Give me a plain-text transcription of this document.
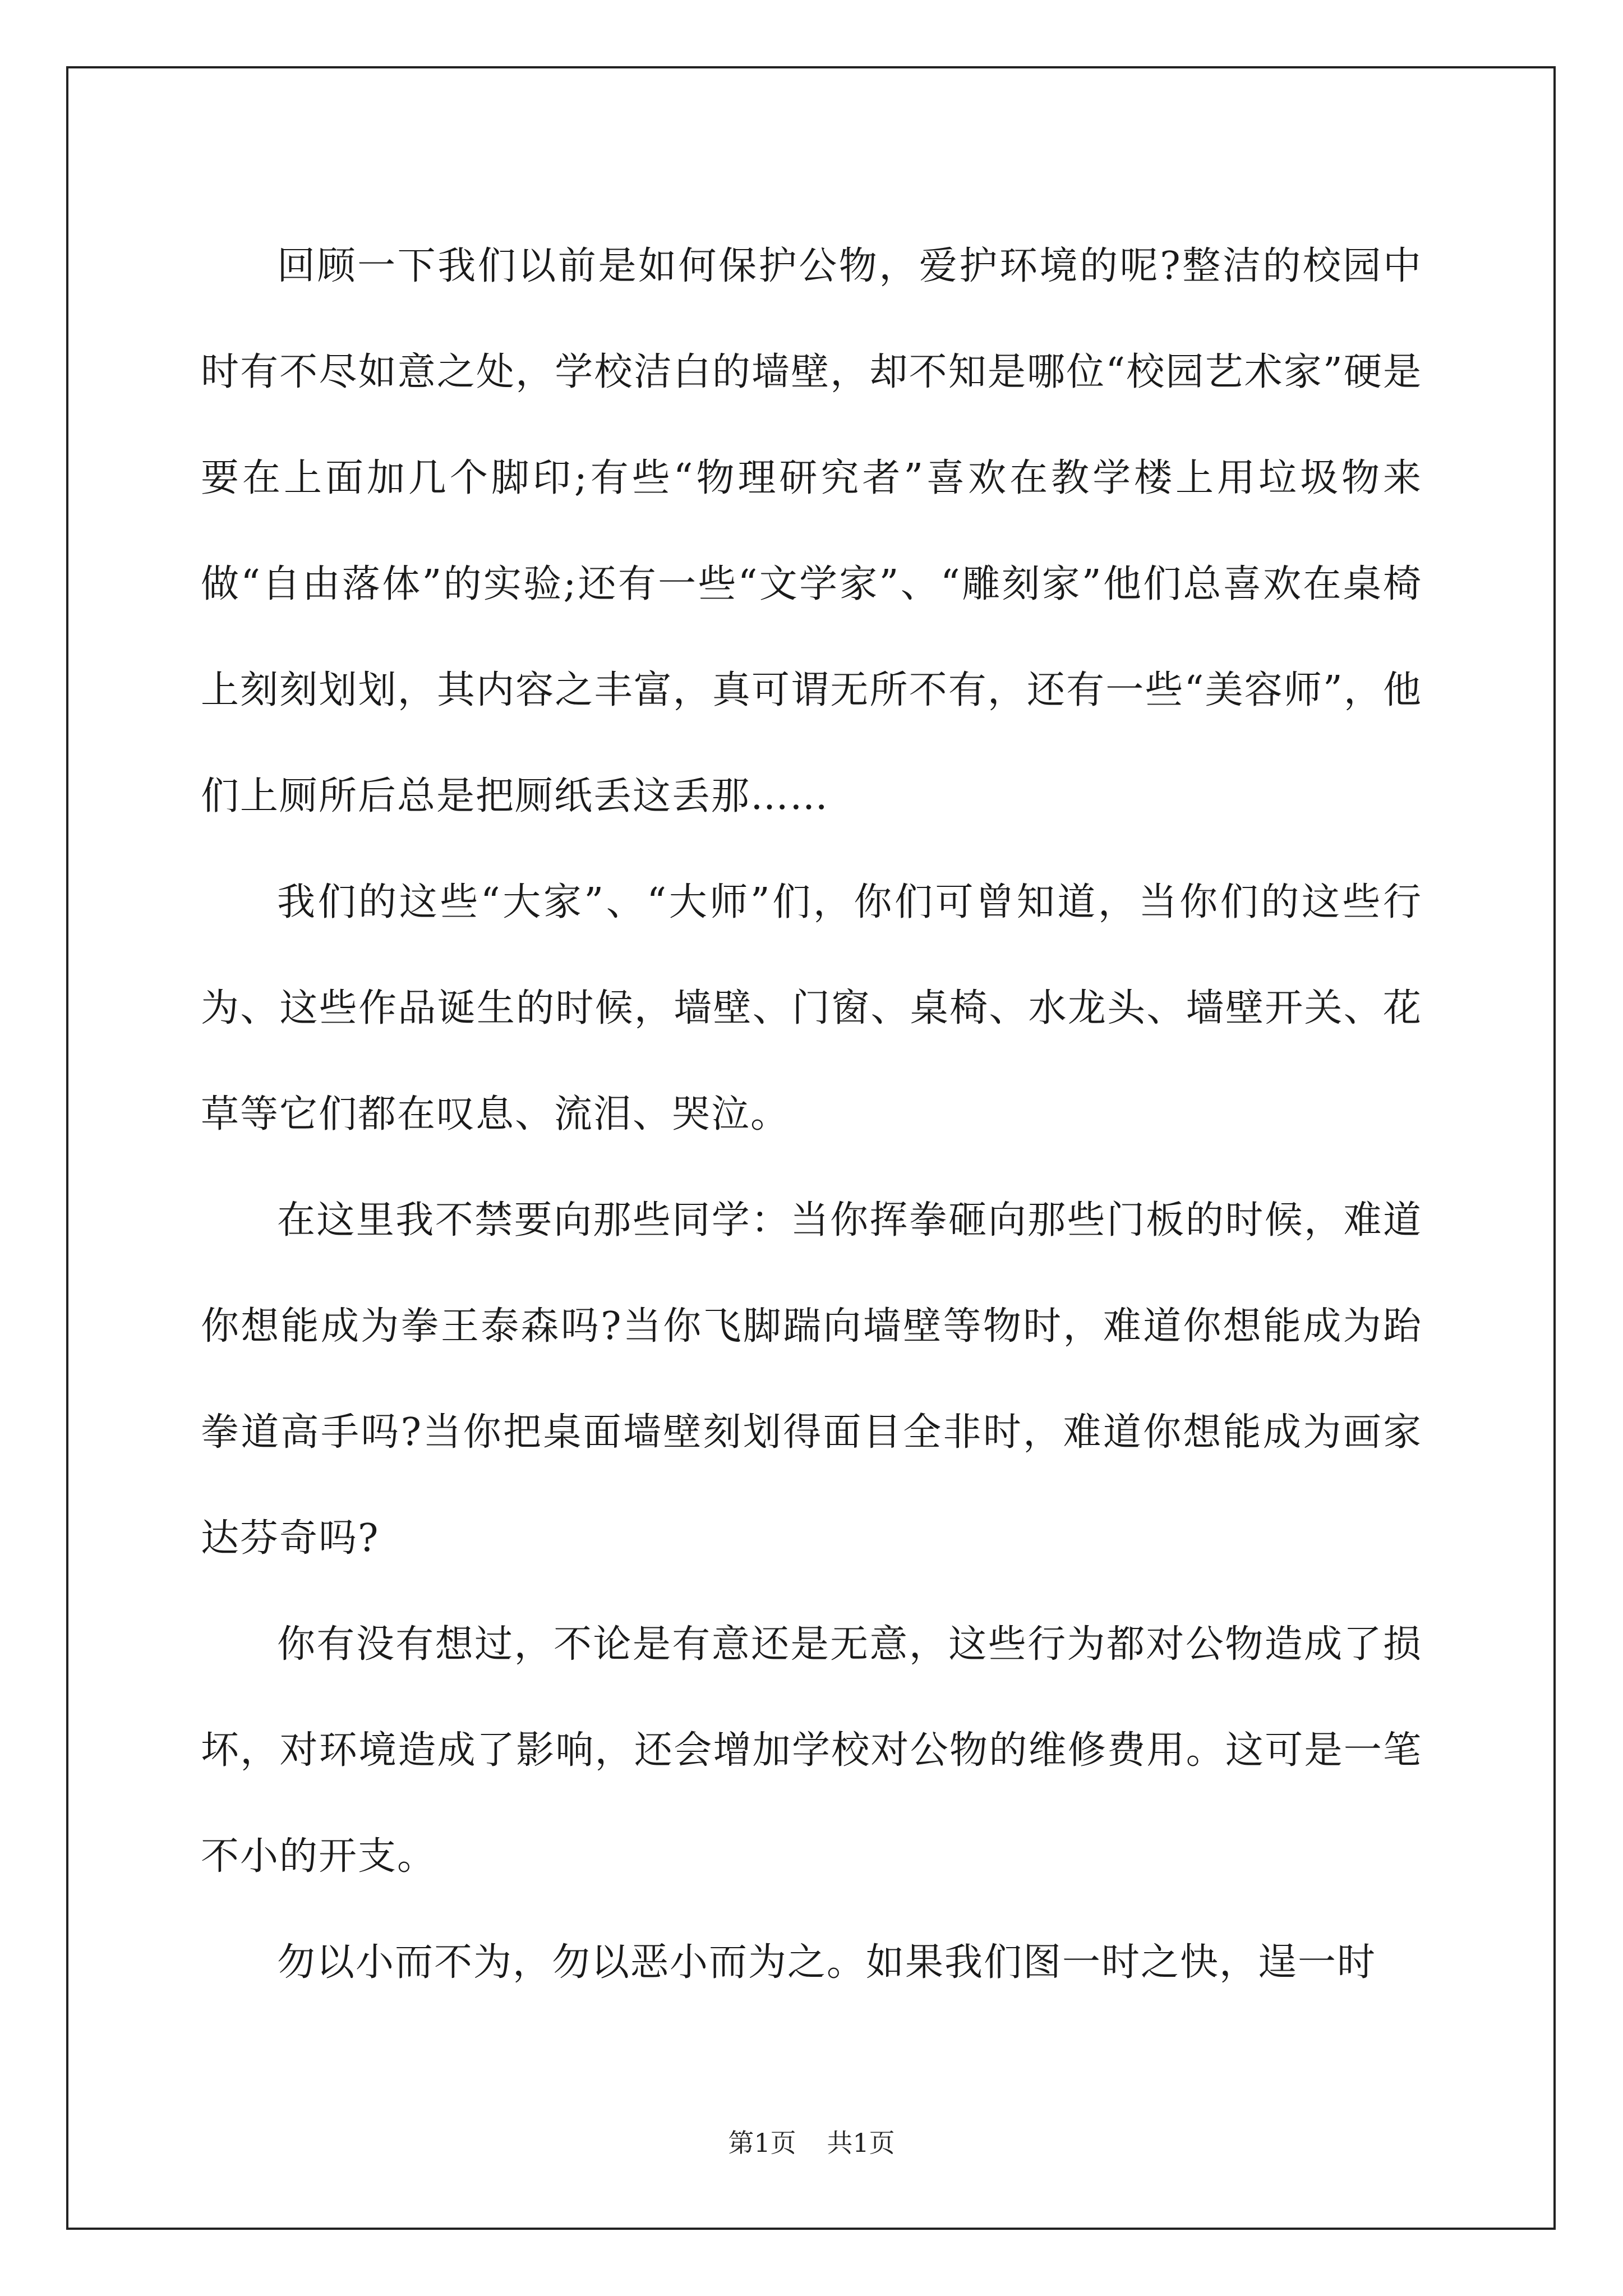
回顾一下我们以前是如何保护公物，爱护环境的呢?整洁的校园中时有不尽如意之处，学校洁白的墙壁，却不知是哪位“校园艺术家”硬是要在上面加几个脚印;有些“物理研究者”喜欢在教学楼上用垃圾物来做“自由落体”的实验;还有一些“文学家”、“雕刻家”他们总喜欢在桌椅上刻刻划划，其内容之丰富，真可谓无所不有，还有一些“美容师”，他们上厕所后总是把厕纸丢这丢那……

我们的这些“大家”、“大师”们，你们可曾知道，当你们的这些行为、这些作品诞生的时候，墙壁、门窗、桌椅、水龙头、墙壁开关、花草等它们都在叹息、流泪、哭泣。

在这里我不禁要向那些同学：当你挥拳砸向那些门板的时候，难道你想能成为拳王泰森吗?当你飞脚踹向墙壁等物时，难道你想能成为跆拳道高手吗?当你把桌面墙壁刻划得面目全非时，难道你想能成为画家达芬奇吗?

你有没有想过，不论是有意还是无意，这些行为都对公物造成了损坏，对环境造成了影响，还会增加学校对公物的维修费用。这可是一笔不小的开支。

勿以小而不为，勿以恶小而为之。如果我们图一时之快，逞一时

第1页 共1页
